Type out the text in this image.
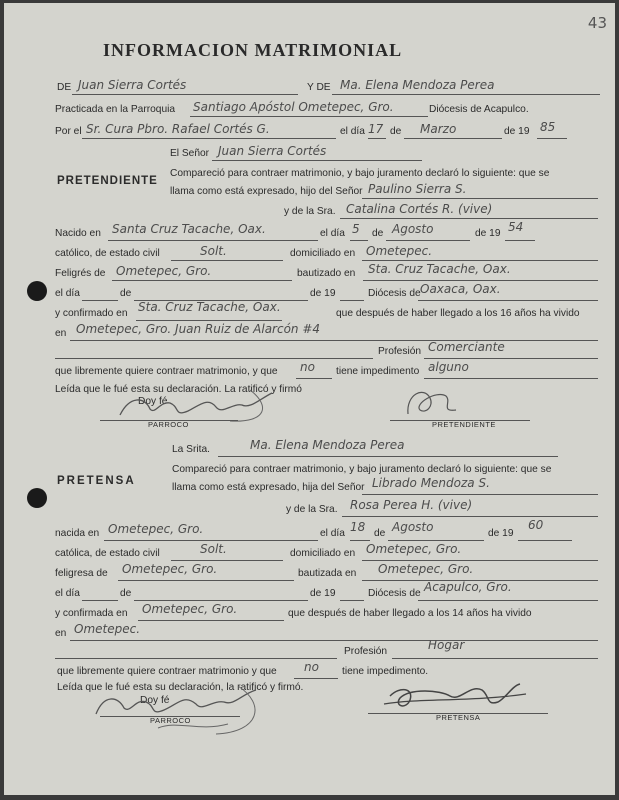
43
INFORMACION MATRIMONIAL
DE Juan Sierra Cortés	Y DE Ma. Elena Mendoza Perea
Practicada en la Parroquia Santiago Apóstol Ometepec, Gro.	Diócesis de Acapulco.
Por el Sr. Cura Pbro. Rafael Cortés G.	el día 17 de Marzo	de 19 85
El Señor Juan Sierra Cortés
PRETENDIENTE
Compareció para contraer matrimonio, y bajo juramento declaró lo siguiente: que se
llama como está expresado, hijo del Señor Paulino Sierra S.
y de la Sra. Catalina Cortés R. (vive)
Nacido en Santa Cruz Tacache, Oax.	el día 5 de Agosto	de 19 54
católico, de estado civil	Solt.	domiciliado en Ometepec.
Feligrés de Ometepec, Gro.	bautizado en Sta. Cruz Tacache, Oax.
el día	de	de 19	Diócesis de Oaxaca, Oax.
y confirmado en Sta. Cruz Tacache, Oax.	que después de haber llegado a los 16 años ha vivido
en Ometepec, Gro. Juan Ruiz de Alarcón #4
Profesión Comerciante
que libremente quiere contraer matrimonio, y que no tiene impedimento alguno
Leída que le fué esta su declaración. La ratificó y firmó
Doy fé
PARROCO	PRETENDIENTE
La Srita.	Ma. Elena Mendoza Perea
PRETENSA
Compareció para contraer matrimonio, y bajo juramento declaró lo siguiente: que se
llama como está expresado, hija del Señor Librado Mendoza S.
y de la Sra. Rosa Perea H. (vive)
nacida en Ometepec, Gro.	el día 18 de Agosto	de 19
60
católica, de estado civil	Solt.	domiciliado en Ometepec, Gro.
feligresa de Ometepec, Gro.	bautizada en Ometepec, Gro.
el día	de	de 19	Diócesis de Acapulco, Gro.
y confirmada en Ometepec, Gro.	que después de haber llegado a los 14 años ha vivido
en Ometepec.
Profesión	Hogar
que libremente quiere contraer matrimonio y que no tiene impedimento.
Leída que le fué esta su declaración, la ratificó y firmó.
Doy fé
PARROCO	PRETENSA
